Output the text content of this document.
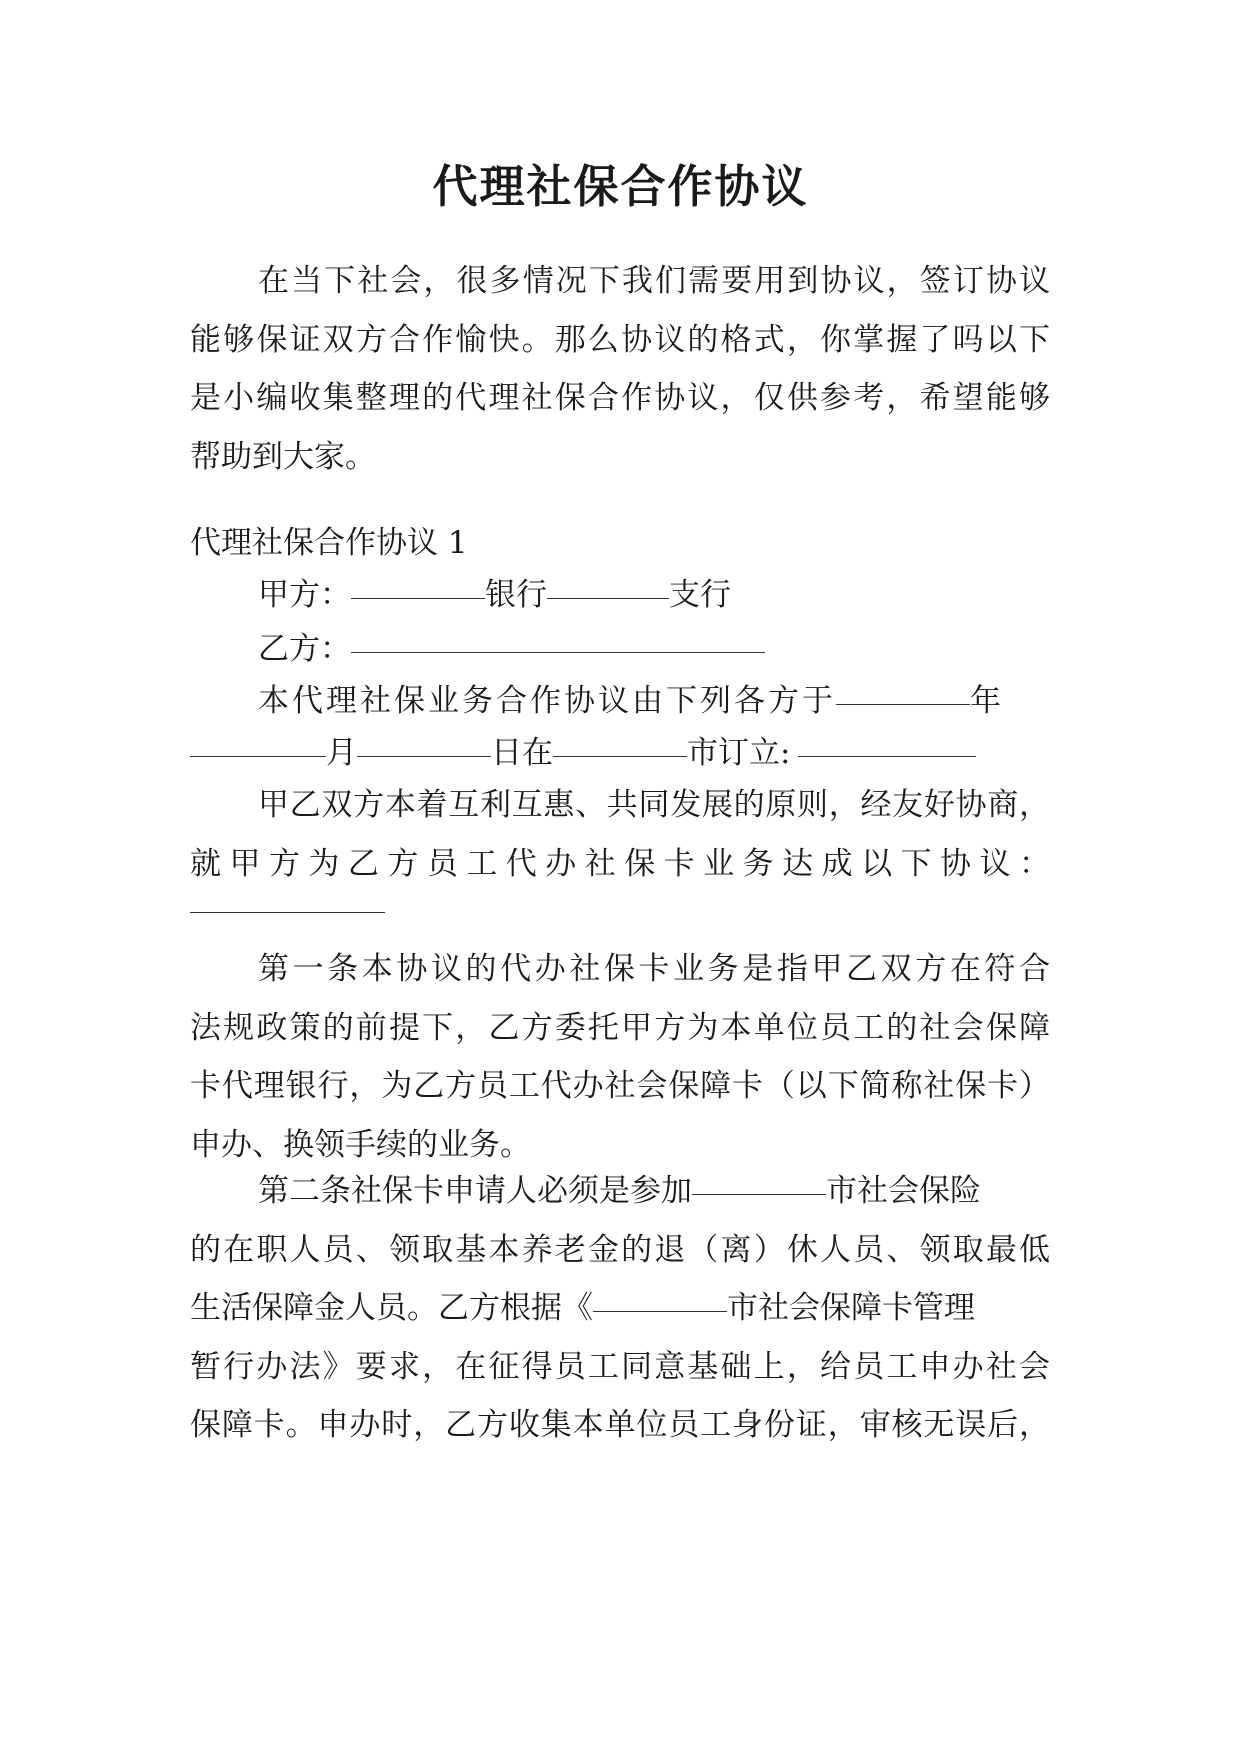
代理社保合作协议

在当下社会，很多情况下我们需要用到协议，签订协议

能够保证双方合作愉快。那么协议的格式，你掌握了吗以下

是小编收集整理的代理社保合作协议，仅供参考，希望能够

帮助到大家。

代理社保合作协议 1

甲方：	银行	支行

乙方：

本代理社保业务合作协议由下列各方于	年

月	日在	市订立:

甲乙双方本着互利互惠、共同发展的原则，经友好协商，

就甲方为乙方员工代办社保卡业务达成以下协议：

第一条本协议的代办社保卡业务是指甲乙双方在符合

法规政策的前提下，乙方委托甲方为本单位员工的社会保障

卡代理银行，为乙方员工代办社会保障卡（以下简称社保卡）

申办、换领手续的业务。

第二条社保卡申请人必须是参加	市社会保险

的在职人员、领取基本养老金的退（离）休人员、领取最低

生活保障金人员。乙方根据《	市社会保障卡管理

暂行办法》要求，在征得员工同意基础上，给员工申办社会

保障卡。申办时，乙方收集本单位员工身份证，审核无误后，
